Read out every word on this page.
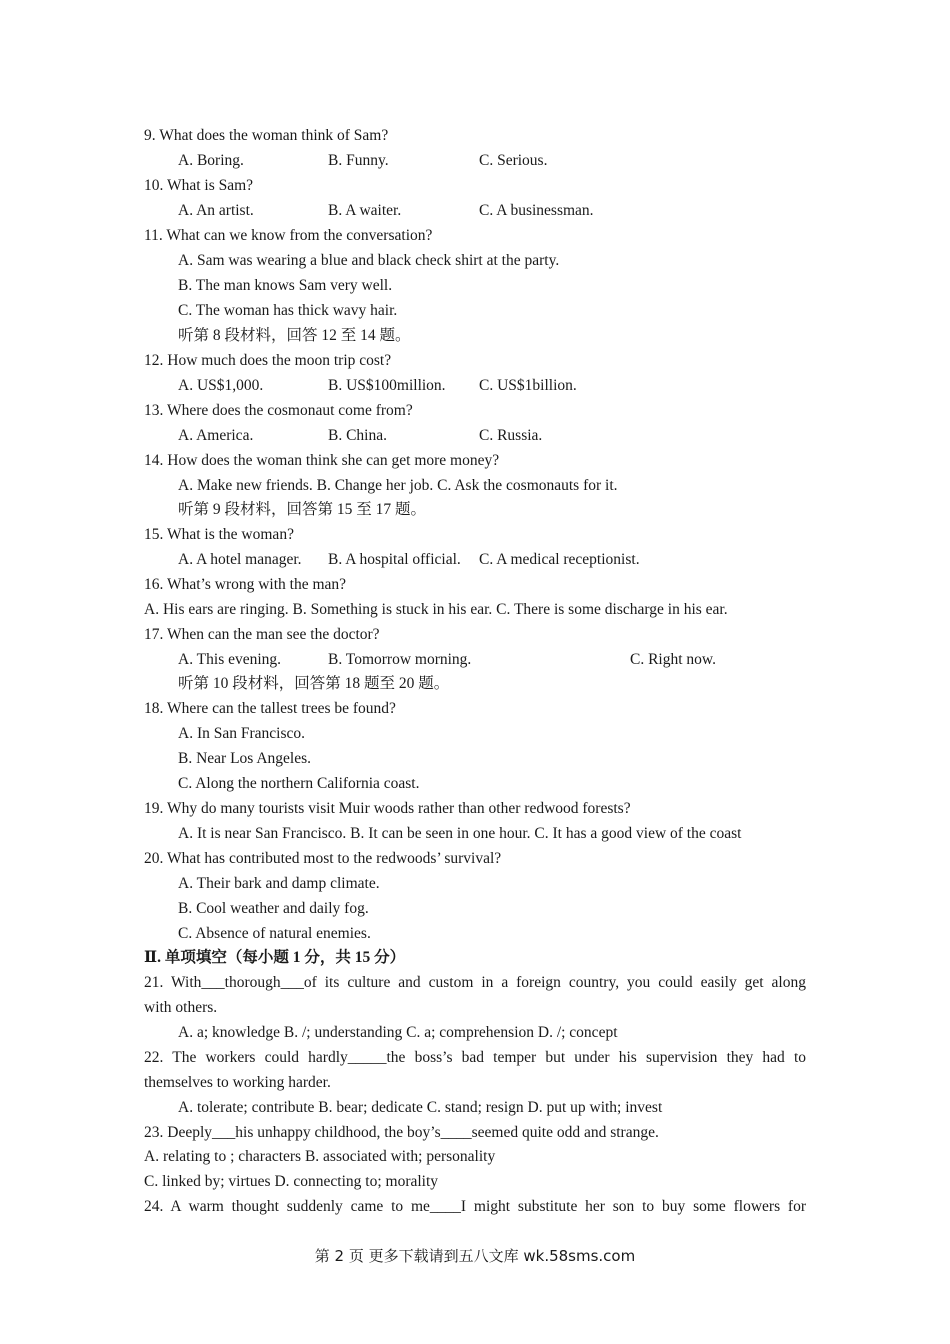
9. What does the woman think of Sam?
A. Boring.	B. Funny.	C. Serious.
10. What is Sam?
A. An artist.	B. A waiter.	C. A businessman.
11. What can we know from the conversation?
A. Sam was wearing a blue and black check shirt at the party.
B. The man knows Sam very well.
C. The woman has thick wavy hair.
听第 8 段材料，回答 12 至 14 题。
12. How much does the moon trip cost?
A. US$1,000.	B. US$100million. C. US$1billion.
13. Where does the cosmonaut come from?
A. America.	B. China.	C. Russia.
14. How does the woman think she can get more money?
A. Make new friends. B. Change her job. C. Ask the cosmonauts for it.
听第 9 段材料，回答第 15 至 17 题。
15. What is the woman?
A. A hotel manager. B. A hospital official. C. A medical receptionist.
16. What’s wrong with the man?
A. His ears are ringing. B. Something is stuck in his ear. C. There is some discharge in his ear.
17. When can the man see the doctor?
A. This evening.	B. Tomorrow morning.	C. Right now.
听第 10 段材料，回答第 18 题至 20 题。
18. Where can the tallest trees be found?
A. In San Francisco.
B. Near Los Angeles.
C. Along the northern California coast.
19. Why do many tourists visit Muir woods rather than other redwood forests?
A. It is near San Francisco. B. It can be seen in one hour. C. It has a good view of the coast
20. What has contributed most to the redwoods’ survival?
A. Their bark and damp climate.
B. Cool weather and daily fog.
C. Absence of natural enemies.
Ⅱ. 单项填空（每小题 1 分，共 15 分）
21. With___thorough___of its culture and custom in a foreign country, you could easily get along
with others.
A. a; knowledge B. /; understanding C. a; comprehension D. /; concept
22. The workers could hardly_____the boss’s bad temper but under his supervision they had to
themselves to working harder.
A. tolerate; contribute B. bear; dedicate C. stand; resign D. put up with; invest
23. Deeply___his unhappy childhood, the boy’s____seemed quite odd and strange.
A. relating to ; characters B. associated with; personality
C. linked by; virtues D. connecting to; morality
24. A warm thought suddenly came to me____I might substitute her son to buy some flowers for
第 2 页 更多下载请到五八文库 wk.58sms.com
